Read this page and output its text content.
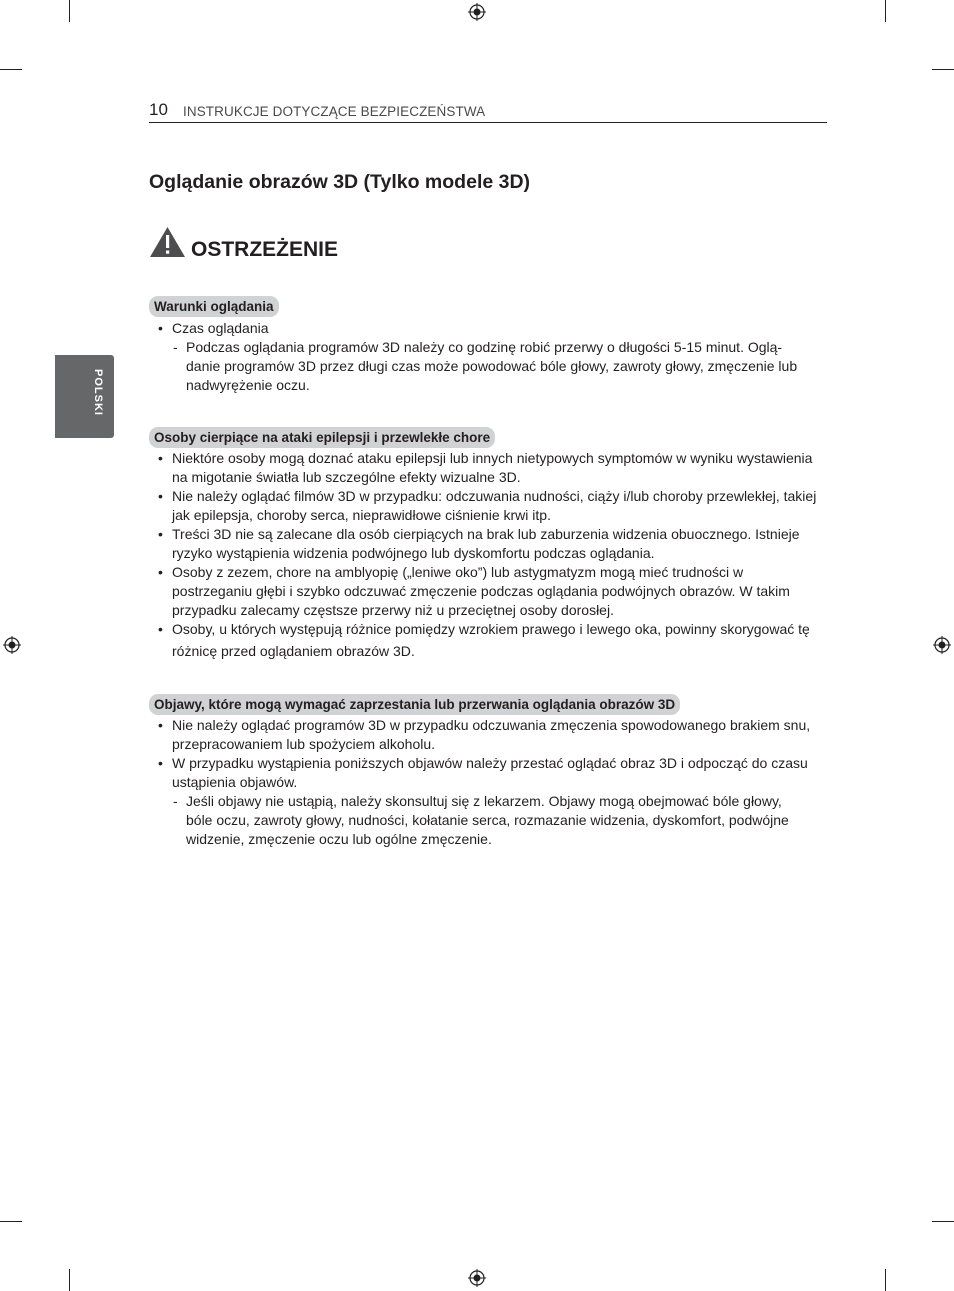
10 INSTRUKCJE DOTYCZĄCE BEZPIECZEŃSTWA
POLSKI
Oglądanie obrazów 3D (Tylko modele 3D)
OSTRZEŻENIE
Warunki oglądania
• Czas oglądania
- Podczas oglądania programów 3D należy co godzinę robić przerwy o długości 5-15 minut. Oglą-
danie programów 3D przez długi czas może powodować bóle głowy, zawroty głowy, zmęczenie lub
nadwyrężenie oczu.
Osoby cierpiące na ataki epilepsji i przewlekłe chore
• Niektóre osoby mogą doznać ataku epilepsji lub innych nietypowych symptomów w wyniku wystawienia
na migotanie światła lub szczególne efekty wizualne 3D.
• Nie należy oglądać filmów 3D w przypadku: odczuwania nudności, ciąży i/lub choroby przewlekłej, takiej
jak epilepsja, choroby serca, nieprawidłowe ciśnienie krwi itp.
• Treści 3D nie są zalecane dla osób cierpiących na brak lub zaburzenia widzenia obuocznego. Istnieje
ryzyko wystąpienia widzenia podwójnego lub dyskomfortu podczas oglądania.
• Osoby z zezem, chore na amblyopię („leniwe oko”) lub astygmatyzm mogą mieć trudności w
postrzeganiu głębi i szybko odczuwać zmęczenie podczas oglądania podwójnych obrazów. W takim
przypadku zalecamy częstsze przerwy niż u przeciętnej osoby dorosłej.
• Osoby, u których występują różnice pomiędzy wzrokiem prawego i lewego oka, powinny skorygować tę
różnicę przed oglądaniem obrazów 3D.
Objawy, które mogą wymagać zaprzestania lub przerwania oglądania obrazów 3D
• Nie należy oglądać programów 3D w przypadku odczuwania zmęczenia spowodowanego brakiem snu,
przepracowaniem lub spożyciem alkoholu.
• W przypadku wystąpienia poniższych objawów należy przestać oglądać obraz 3D i odpocząć do czasu
ustąpienia objawów.
- Jeśli objawy nie ustąpią, należy skonsultuj się z lekarzem. Objawy mogą obejmować bóle głowy,
bóle oczu, zawroty głowy, nudności, kołatanie serca, rozmazanie widzenia, dyskomfort, podwójne
widzenie, zmęczenie oczu lub ogólne zmęczenie.
